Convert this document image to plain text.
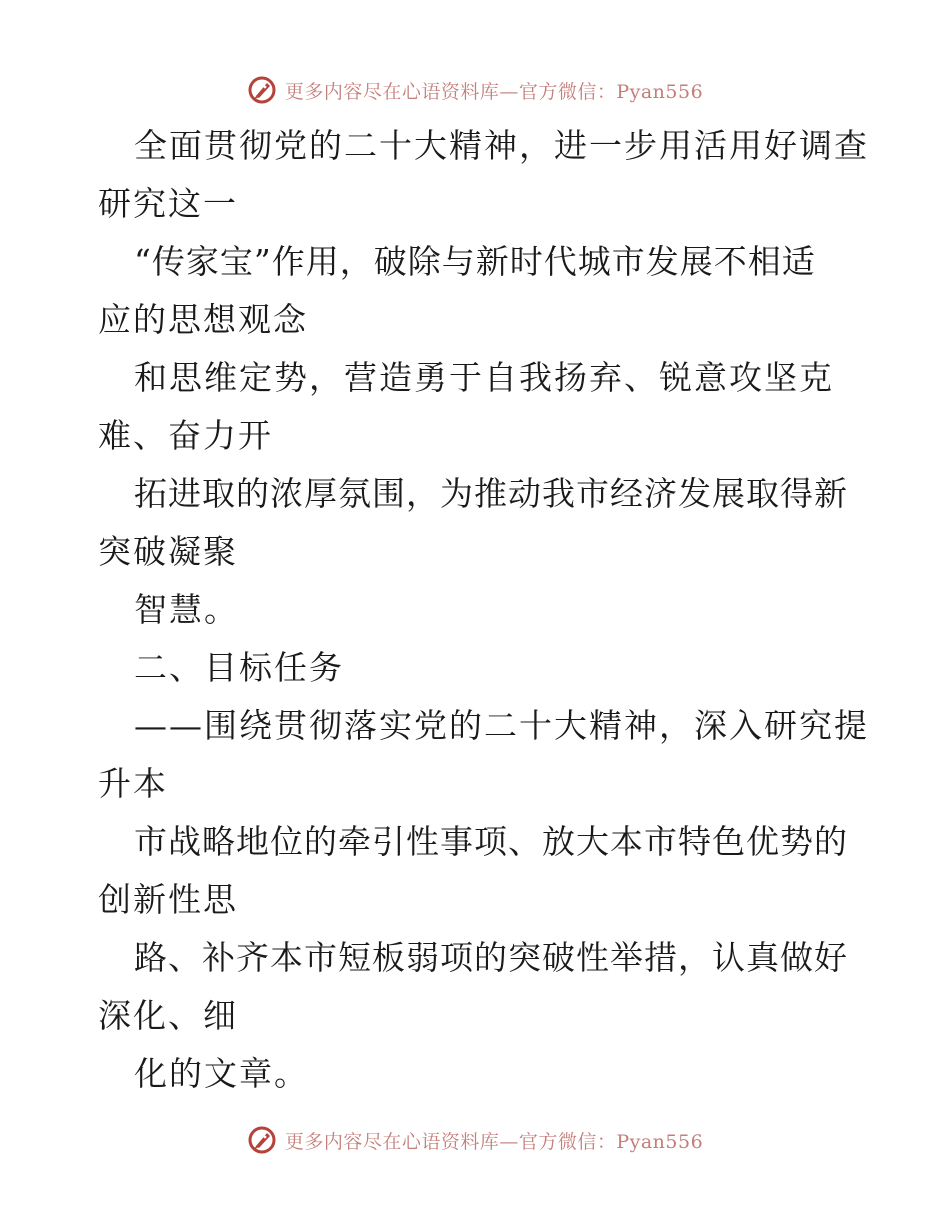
更多内容尽在心语资料库—官方微信：Pyan556
全面贯彻党的二十大精神，进一步用活用好调查
研究这一
“传家宝”作用，破除与新时代城市发展不相适
应的思想观念
和思维定势，营造勇于自我扬弃、锐意攻坚克
难、奋力开
拓进取的浓厚氛围，为推动我市经济发展取得新
突破凝聚
智慧。
二、目标任务
——围绕贯彻落实党的二十大精神，深入研究提
升本
市战略地位的牵引性事项、放大本市特色优势的
创新性思
路、补齐本市短板弱项的突破性举措，认真做好
深化、细
化的文章。
更多内容尽在心语资料库—官方微信：Pyan556
